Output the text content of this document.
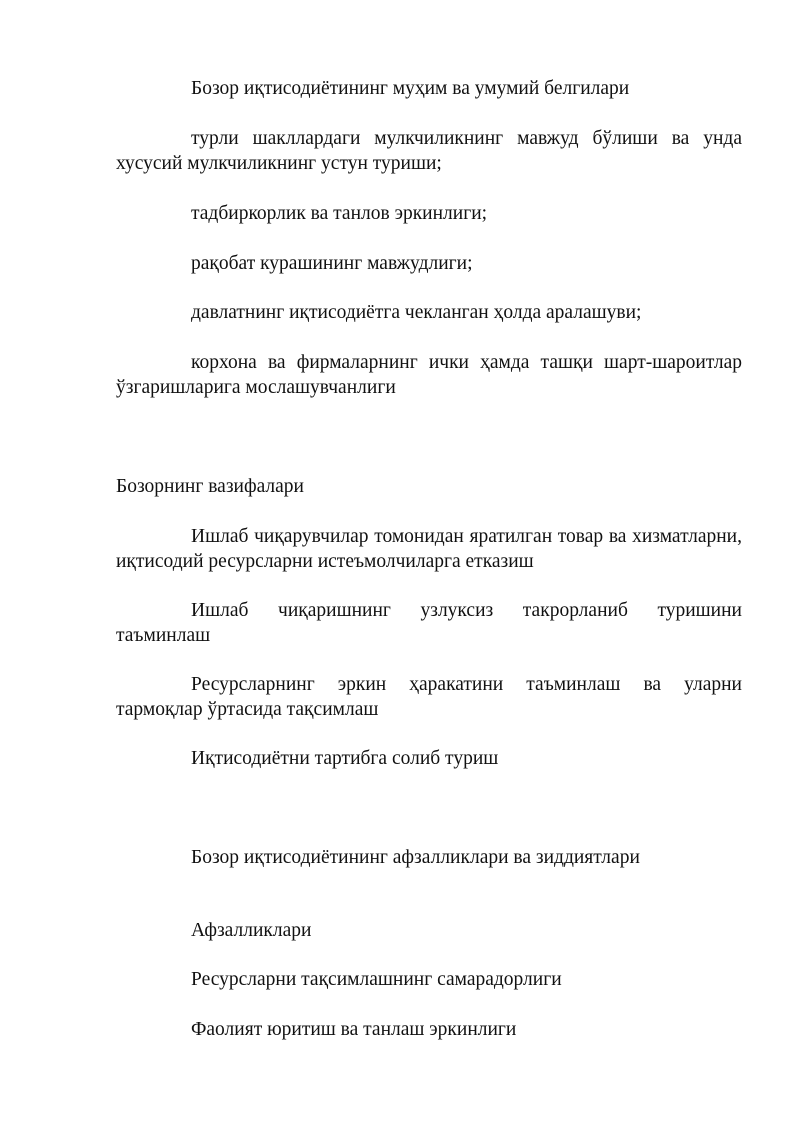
Бозор иқтисодиётининг муҳим ва умумий белгилари

турли шакллардаги мулкчиликнинг мавжуд бўлиши ва унда хусусий мулкчиликнинг устун туриши;

тадбиркорлик ва танлов эркинлиги;

рақобат курашининг мавжудлиги;

давлатнинг иқтисодиётга чекланган ҳолда аралашуви;

корхона ва фирмаларнинг ички ҳамда ташқи шарт-шароитлар ўзгаришларига мослашувчанлиги

Бозорнинг вазифалари

Ишлаб чиқарувчилар томонидан яратилган товар ва хизматларни, иқтисодий ресурсларни истеъмолчиларга етказиш

Ишлаб чиқаришнинг узлуксиз такрорланиб туришини таъминлаш

Ресурсларнинг эркин ҳаракатини таъминлаш ва уларни тармоқлар ўртасида тақсимлаш

Иқтисодиётни тартибга солиб туриш

Бозор иқтисодиётининг афзалликлари ва зиддиятлари

Афзалликлари

Ресурсларни тақсимлашнинг самарадорлиги

Фаолият юритиш ва танлаш эркинлиги
